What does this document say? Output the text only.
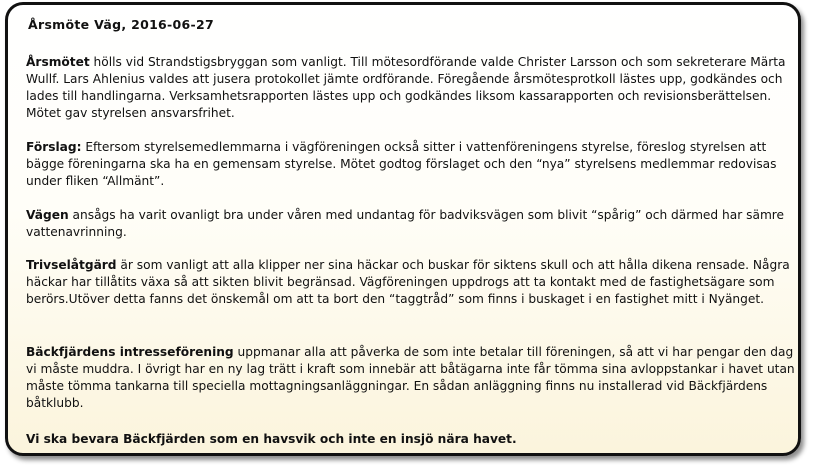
Årsmöte Väg, 2016-06-27

Årsmötet hölls vid Strandstigsbryggan som vanligt. Till mötesordförande valde Christer Larsson och som sekreterare Märta Wullf. Lars Ahlenius valdes att jusera protokollet jämte ordförande. Föregående årsmötesprotkoll lästes upp, godkändes och lades till handlingarna. Verksamhetsrapporten lästes upp och godkändes liksom kassarapporten och revisionsberättelsen. Mötet gav styrelsen ansvarsfrihet.

Förslag: Eftersom styrelsemedlemmarna i vägföreningen också sitter i vattenföreningens styrelse, föreslog styrelsen att bägge föreningarna ska ha en gemensam styrelse. Mötet godtog förslaget och den “nya” styrelsens medlemmar redovisas under fliken “Allmänt”.

Vägen ansågs ha varit ovanligt bra under våren med undantag för badviksvägen som blivit “spårig” och därmed har sämre vattenavrinning.

Trivselåtgärd är som vanligt att alla klipper ner sina häckar och buskar för siktens skull och att hålla dikena rensade. Några häckar har tillåtits växa så att sikten blivit begränsad. Vägföreningen uppdrogs att ta kontakt med de fastighetsägare som berörs.Utöver detta fanns det önskemål om att ta bort den “taggtråd” som finns i buskaget i en fastighet mitt i Nyänget.

Bäckfjärdens intresseförening uppmanar alla att påverka de som inte betalar till föreningen, så att vi har pengar den dag vi måste muddra. I övrigt har en ny lag trätt i kraft som innebär att båtägarna inte får tömma sina avloppstankar i havet utan måste tömma tankarna till speciella mottagningsanläggningar. En sådan anläggning finns nu installerad vid Bäckfjärdens båtklubb.

Vi ska bevara Bäckfjärden som en havsvik och inte en insjö nära havet.
